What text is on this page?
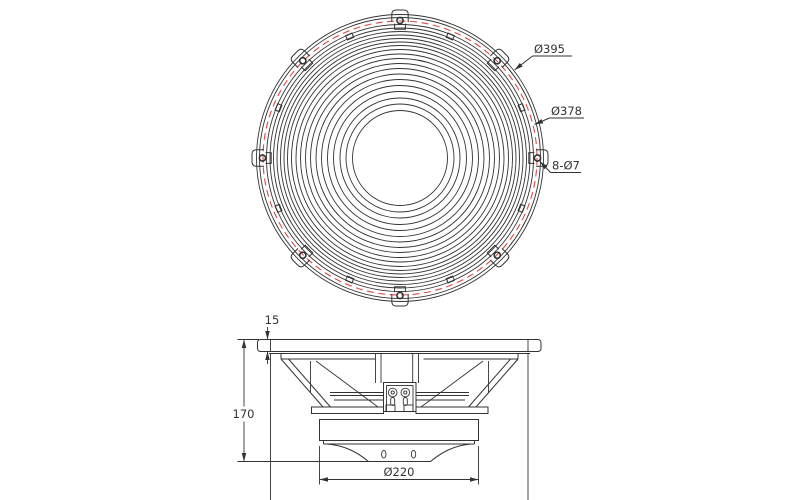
Ø395
Ø378
8-Ø7
15
170
Ø220
